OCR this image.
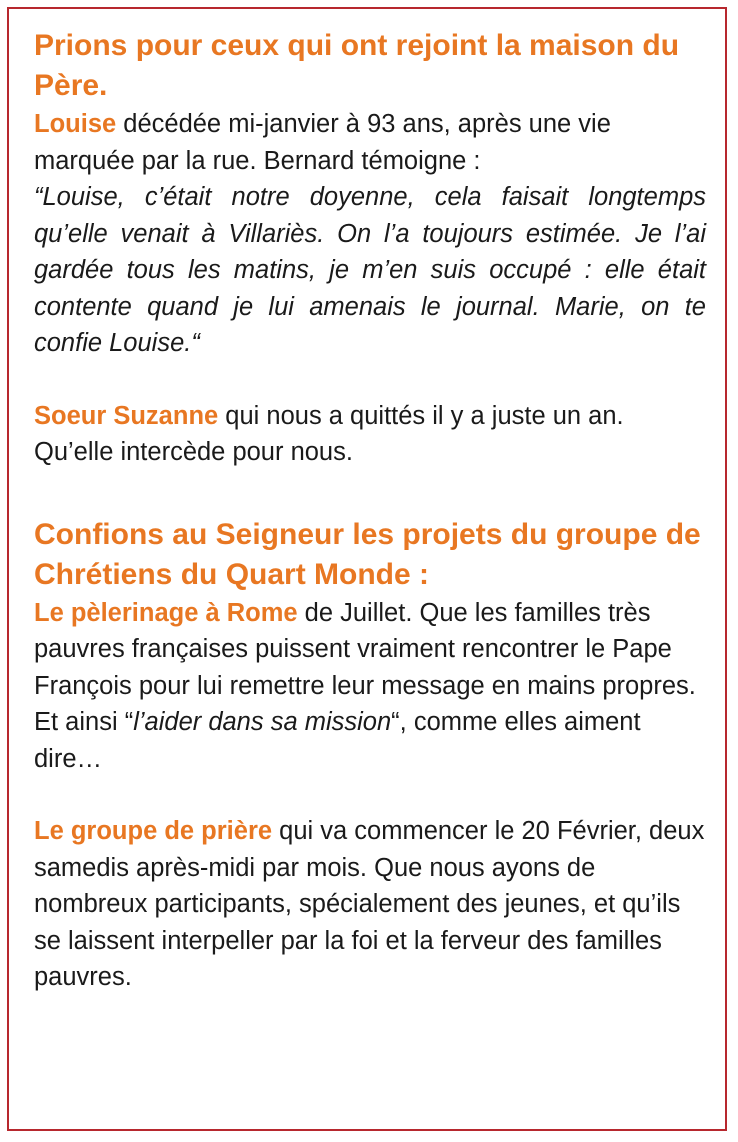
Prions pour ceux qui ont rejoint la maison du Père.

Louise décédée mi-janvier à 93 ans, après une vie marquée par la rue. Bernard témoigne :

“Louise, c’était notre doyenne, cela faisait longtemps qu’elle venait à Villariès. On l’a toujours estimée. Je l’ai gardée tous les matins, je m’en suis occupé : elle était contente quand je lui amenais le journal. Marie, on te confie Louise.“

Soeur Suzanne qui nous a quittés il y a juste un an. Qu’elle intercède pour nous.

Confions au Seigneur les projets du groupe de Chrétiens du Quart Monde :

Le pèlerinage à Rome de Juillet. Que les familles très pauvres françaises puissent vraiment rencontrer le Pape François pour lui remettre leur message en mains propres. Et ainsi “l’aider dans sa mission“, comme elles aiment dire…

Le groupe de prière qui va commencer le 20 Février, deux samedis après-midi par mois. Que nous ayons de nombreux participants, spécialement des jeunes, et qu’ils se laissent interpeller par la foi et la ferveur des familles pauvres.
